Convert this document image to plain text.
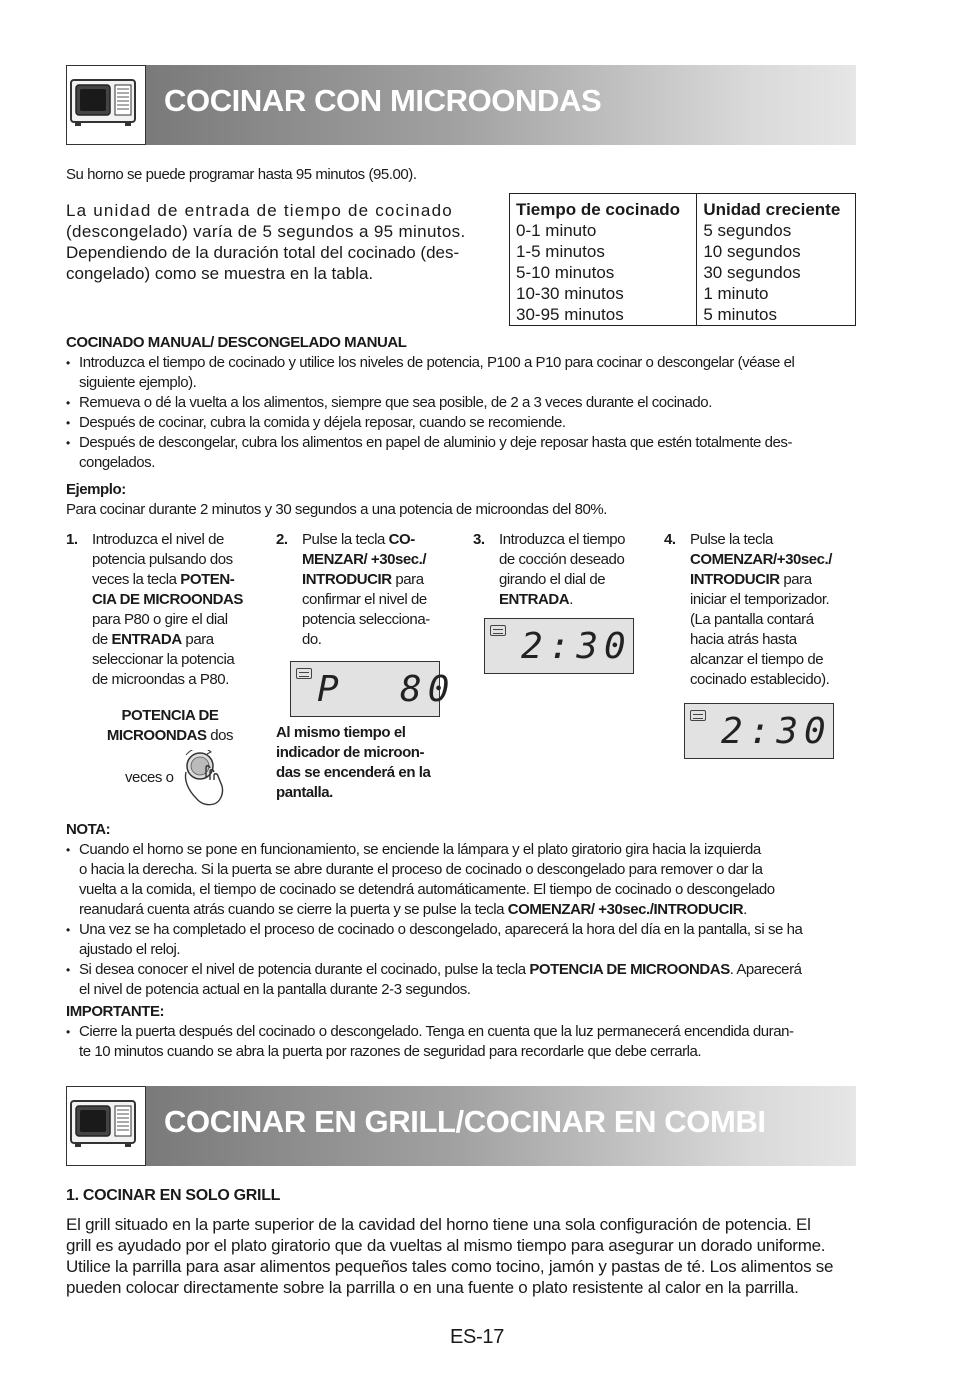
COCINAR CON MICROONDAS
Su horno se puede programar hasta 95 minutos (95.00).
La unidad de entrada de tiempo de cocinado
(descongelado) varía de 5 segundos a 95 minutos.
Dependiendo de la duración total del cocinado (des-
congelado) como se muestra en la tabla.
Tiempo de cocinado	Unidad creciente
0-1 minuto	5 segundos
1-5 minutos	10 segundos
5-10 minutos	30 segundos
10-30 minutos	1 minuto
30-95 minutos	5 minutos
COCINADO MANUAL/ DESCONGELADO MANUAL
• Introduzca el tiempo de cocinado y utilice los niveles de potencia, P100 a P10 para cocinar o descongelar (véase el
siguiente ejemplo).
• Remueva o dé la vuelta a los alimentos, siempre que sea posible, de 2 a 3 veces durante el cocinado.
• Después de cocinar, cubra la comida y déjela reposar, cuando se recomiende.
• Después de descongelar, cubra los alimentos en papel de aluminio y deje reposar hasta que estén totalmente des-
congelados.
Ejemplo:
Para cocinar durante 2 minutos y 30 segundos a una potencia de microondas del 80%.
1. Introduzca el nivel de
potencia pulsando dos
veces la tecla POTEN-
CIA DE MICROONDAS
para P80 o gire el dial
de ENTRADA para
seleccionar la potencia
de microondas a P80.
POTENCIA DE
MICROONDAS dos
veces o
2. Pulse la tecla CO-
MENZAR/ +30sec./
INTRODUCIR para
confirmar el nivel de
potencia selecciona-
do.
P  80
Al mismo tiempo el
indicador de microon-
das se encenderá en la
pantalla.
3. Introduzca el tiempo
de cocción deseado
girando el dial de
ENTRADA.
2:30
4. Pulse la tecla
COMENZAR/+30sec./
INTRODUCIR para
iniciar el temporizador.
(La pantalla contará
hacia atrás hasta
alcanzar el tiempo de
cocinado establecido).
2:30
NOTA:
• Cuando el horno se pone en funcionamiento, se enciende la lámpara y el plato giratorio gira hacia la izquierda
o hacia la derecha. Si la puerta se abre durante el proceso de cocinado o descongelado para remover o dar la
vuelta a la comida, el tiempo de cocinado se detendrá automáticamente. El tiempo de cocinado o descongelado
reanudará cuenta atrás cuando se cierre la puerta y se pulse la tecla COMENZAR/ +30sec./INTRODUCIR.
• Una vez se ha completado el proceso de cocinado o descongelado, aparecerá la hora del día en la pantalla, si se ha
ajustado el reloj.
• Si desea conocer el nivel de potencia durante el cocinado, pulse la tecla POTENCIA DE MICROONDAS. Aparecerá
el nivel de potencia actual en la pantalla durante 2-3 segundos.
IMPORTANTE:
• Cierre la puerta después del cocinado o descongelado. Tenga en cuenta que la luz permanecerá encendida duran-
te 10 minutos cuando se abra la puerta por razones de seguridad para recordarle que debe cerrarla.
COCINAR EN GRILL/COCINAR EN COMBI
1. COCINAR EN SOLO GRILL
El grill situado en la parte superior de la cavidad del horno tiene una sola configuración de potencia. El
grill es ayudado por el plato giratorio que da vueltas al mismo tiempo para asegurar un dorado uniforme.
Utilice la parrilla para asar alimentos pequeños tales como tocino, jamón y pastas de té. Los alimentos se
pueden colocar directamente sobre la parrilla o en una fuente o plato resistente al calor en la parrilla.
ES-17
